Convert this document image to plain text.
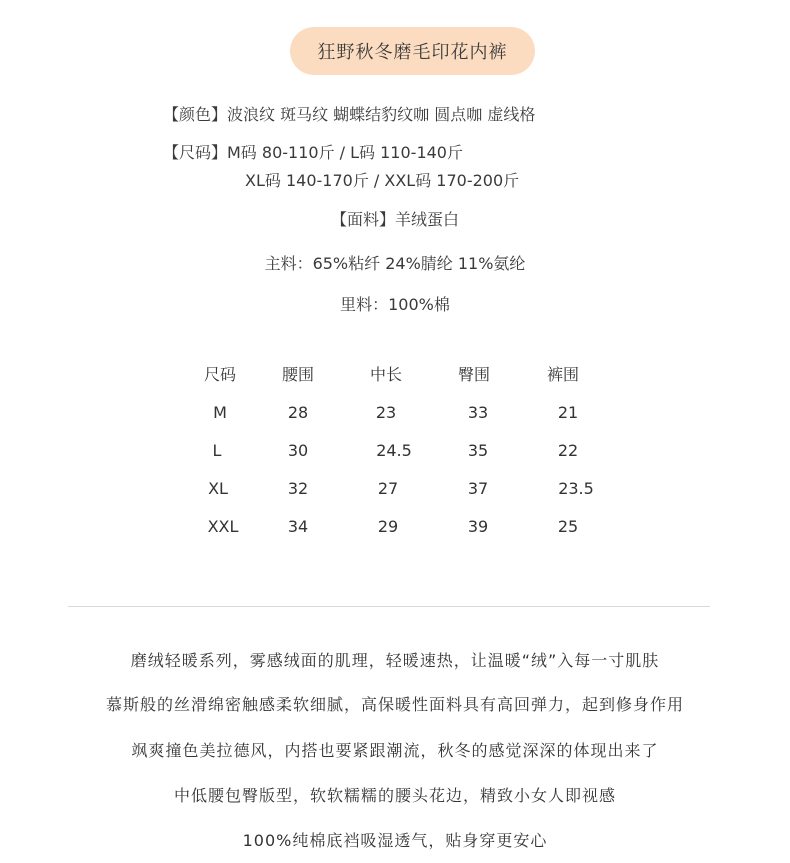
狂野秋冬磨毛印花内裤
【颜色】波浪纹 斑马纹 蝴蝶结豹纹咖 圆点咖 虚线格
【尺码】M码 80-110斤 / L码 110-140斤
XL码 140-170斤 / XXL码 170-200斤
【面料】羊绒蛋白
主料：65%粘纤 24%腈纶 11%氨纶
里料：100%棉
尺码	腰围	中长	臀围	裤围
M	28	23	33	21
L	30	24.5	35	22
XL	32	27	37	23.5
XXL	34	29	39	25
磨绒轻暖系列，雾感绒面的肌理，轻暖速热，让温暖“绒”入每一寸肌肤
慕斯般的丝滑绵密触感柔软细腻，高保暖性面料具有高回弹力，起到修身作用
飒爽撞色美拉德风，内搭也要紧跟潮流，秋冬的感觉深深的体现出来了
中低腰包臀版型，软软糯糯的腰头花边，精致小女人即视感
100%纯棉底裆吸湿透气，贴身穿更安心
